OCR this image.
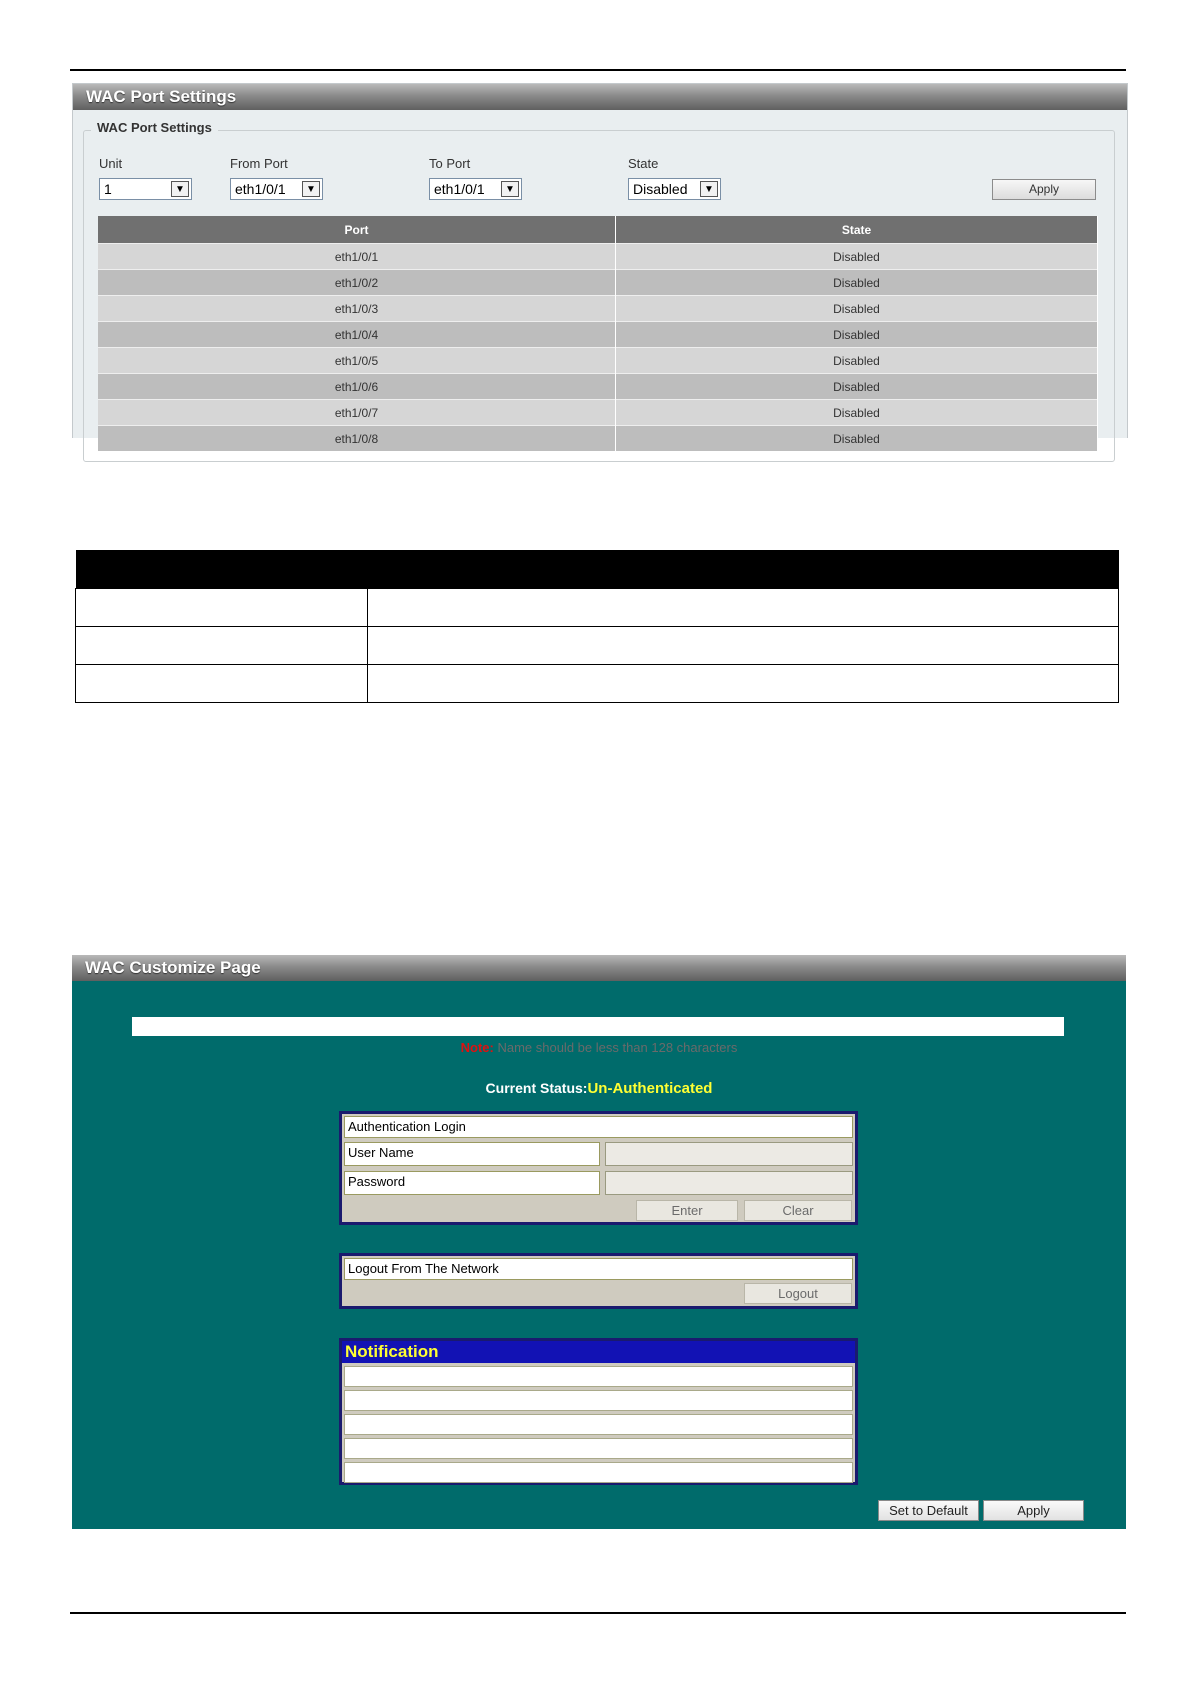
WAC Port Settings
WAC Port Settings
Unit	From Port	To Port	State
1	▼	eth1/0/1	▼	eth1/0/1	▼	Disabled	▼	Apply
Port	State
eth1/0/1	Disabled
eth1/0/2	Disabled
eth1/0/3	Disabled
eth1/0/4	Disabled
eth1/0/5	Disabled
eth1/0/6	Disabled
eth1/0/7	Disabled
eth1/0/8	Disabled

WAC Customize Page
Note: Name should be less than 128 characters
Current Status:Un-Authenticated
Authentication Login
User Name
Password
Enter	Clear
Logout From The Network
Logout
Notification
Set to Default	Apply
